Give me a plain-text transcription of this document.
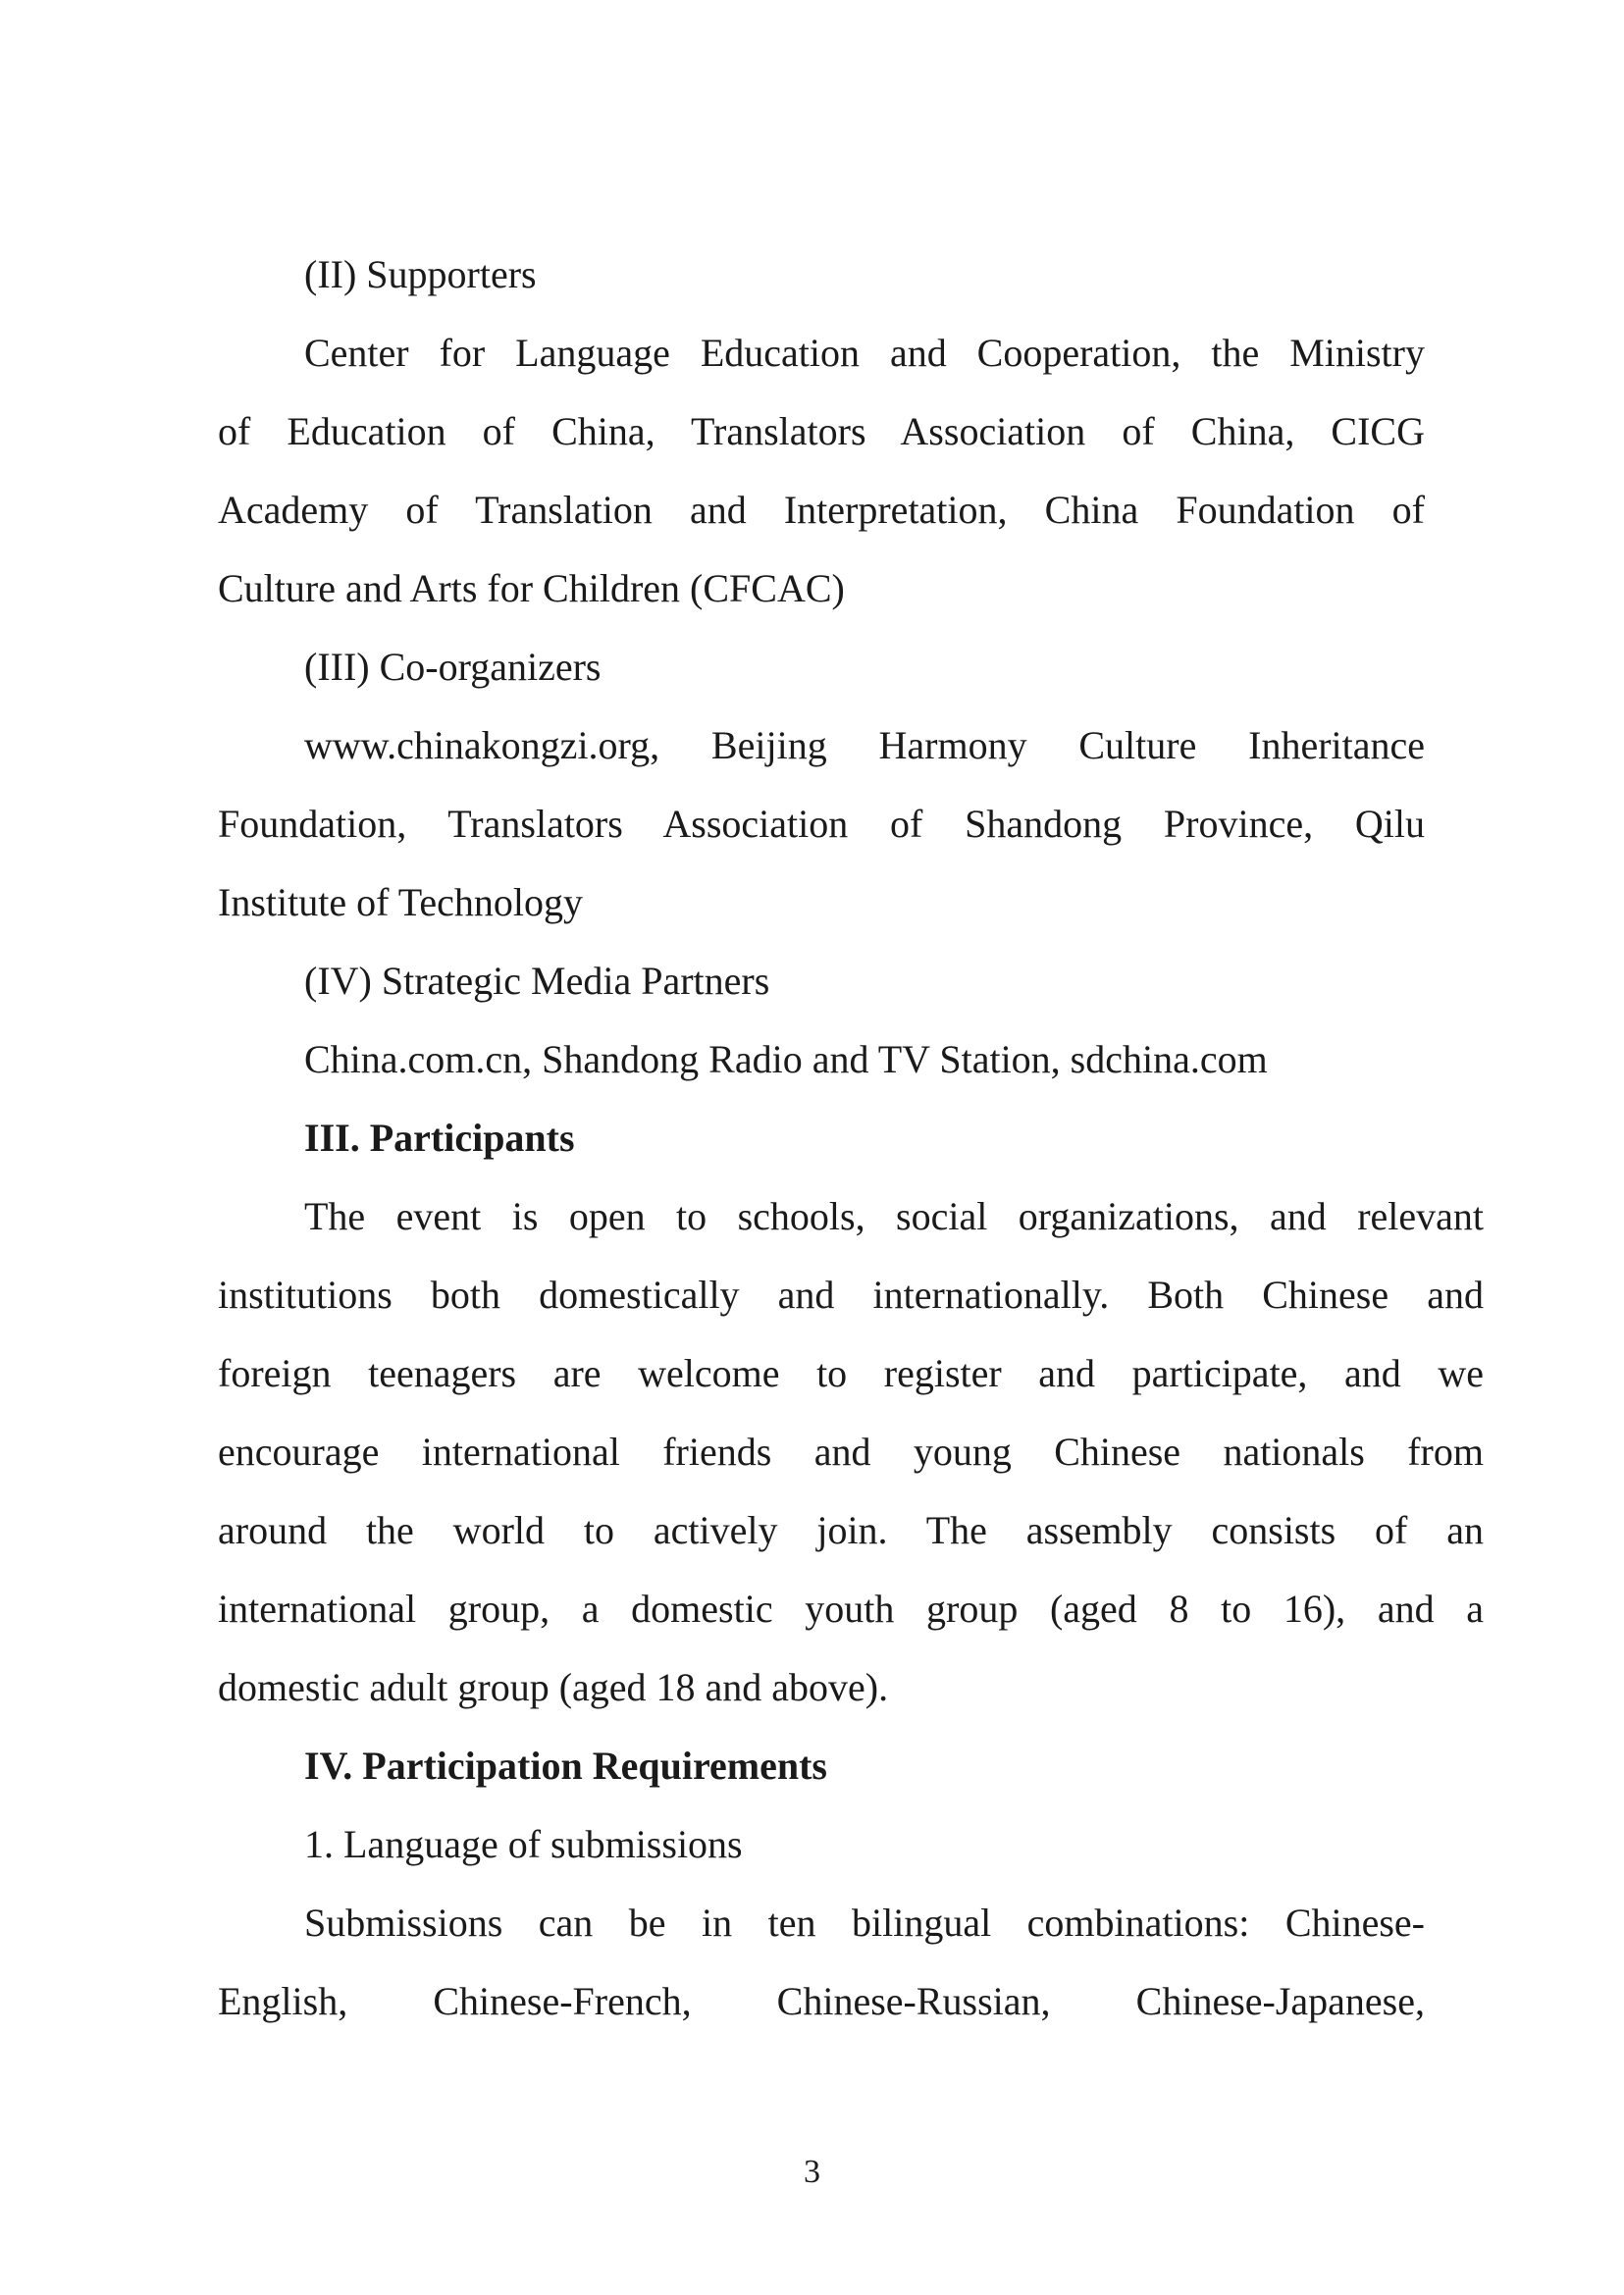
(II) Supporters
Center for Language Education and Cooperation, the Ministry
of Education of China, Translators Association of China, CICG
Academy of Translation and Interpretation, China Foundation of
Culture and Arts for Children (CFCAC)
(III) Co-organizers
www.chinakongzi.org, Beijing Harmony Culture Inheritance
Foundation, Translators Association of Shandong Province, Qilu
Institute of Technology
(IV) Strategic Media Partners
China.com.cn, Shandong Radio and TV Station, sdchina.com
III. Participants
The event is open to schools, social organizations, and relevant
institutions both domestically and internationally. Both Chinese and
foreign teenagers are welcome to register and participate, and we
encourage international friends and young Chinese nationals from
around the world to actively join. The assembly consists of an
international group, a domestic youth group (aged 8 to 16), and a
domestic adult group (aged 18 and above).
IV. Participation Requirements
1. Language of submissions
Submissions can be in ten bilingual combinations: Chinese-
English, Chinese-French, Chinese-Russian, Chinese-Japanese,
3
